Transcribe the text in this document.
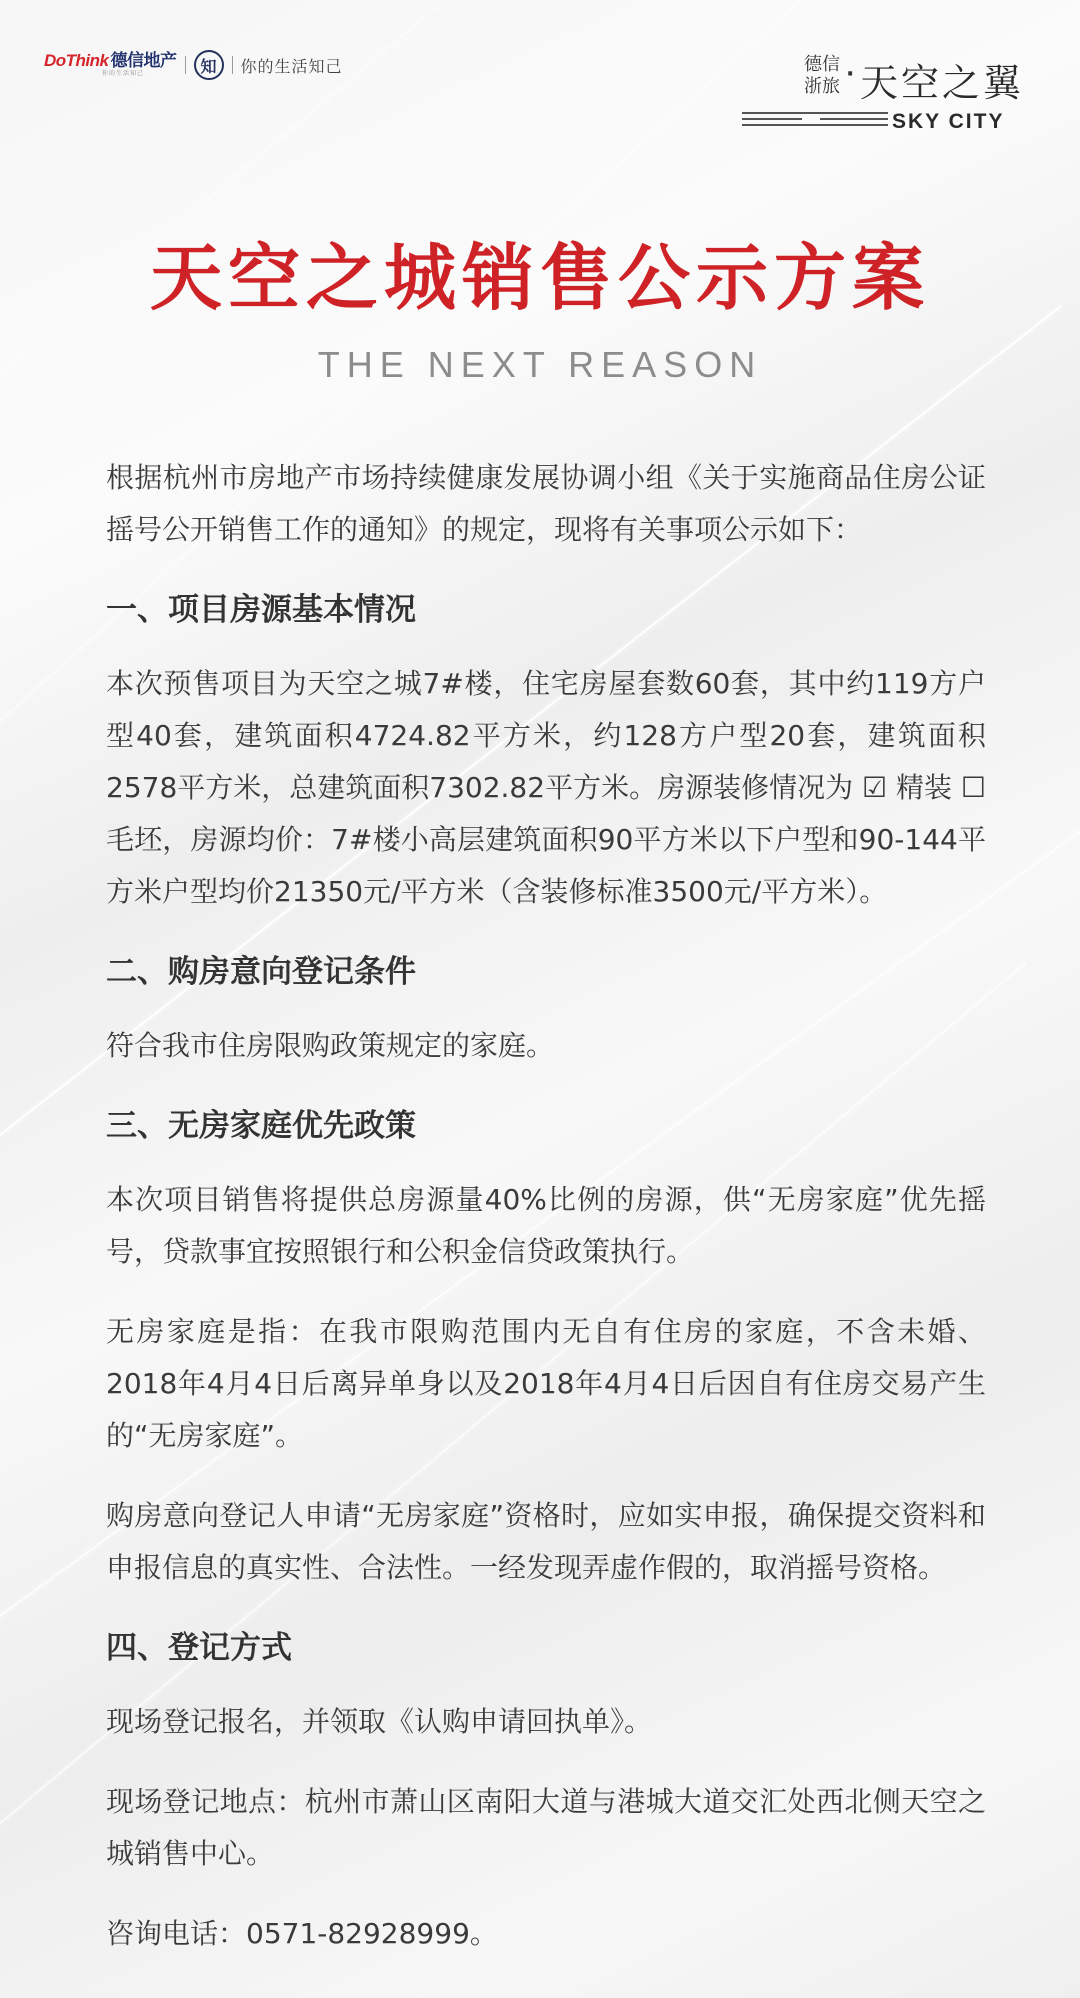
DoThink 德信地产
你的生活知己	知	你的生活知己	德信浙旅 · 天空之翼
SKY CITY
天空之城销售公示方案
THE NEXT REASON

根据杭州市房地产市场持续健康发展协调小组《关于实施商品住房公证摇号公开销售工作的通知》的规定，现将有关事项公示如下：

一、项目房源基本情况

本次预售项目为天空之城7#楼，住宅房屋套数60套，其中约119方户型40套，建筑面积4724.82平方米，约128方户型20套，建筑面积2578平方米，总建筑面积7302.82平方米。房源装修情况为 ☑ 精装 ☐ 毛坯，房源均价：7#楼小高层建筑面积90平方米以下户型和90-144平方米户型均价21350元/平方米（含装修标准3500元/平方米）。

二、购房意向登记条件

符合我市住房限购政策规定的家庭。

三、无房家庭优先政策

本次项目销售将提供总房源量40%比例的房源，供“无房家庭”优先摇号，贷款事宜按照银行和公积金信贷政策执行。

无房家庭是指：在我市限购范围内无自有住房的家庭，不含未婚、2018年4月4日后离异单身以及2018年4月4日后因自有住房交易产生的“无房家庭”。

购房意向登记人申请“无房家庭”资格时，应如实申报，确保提交资料和申报信息的真实性、合法性。一经发现弄虚作假的，取消摇号资格。

四、登记方式

现场登记报名，并领取《认购申请回执单》。

现场登记地点：杭州市萧山区南阳大道与港城大道交汇处西北侧天空之城销售中心。

咨询电话：0571-82928999。
